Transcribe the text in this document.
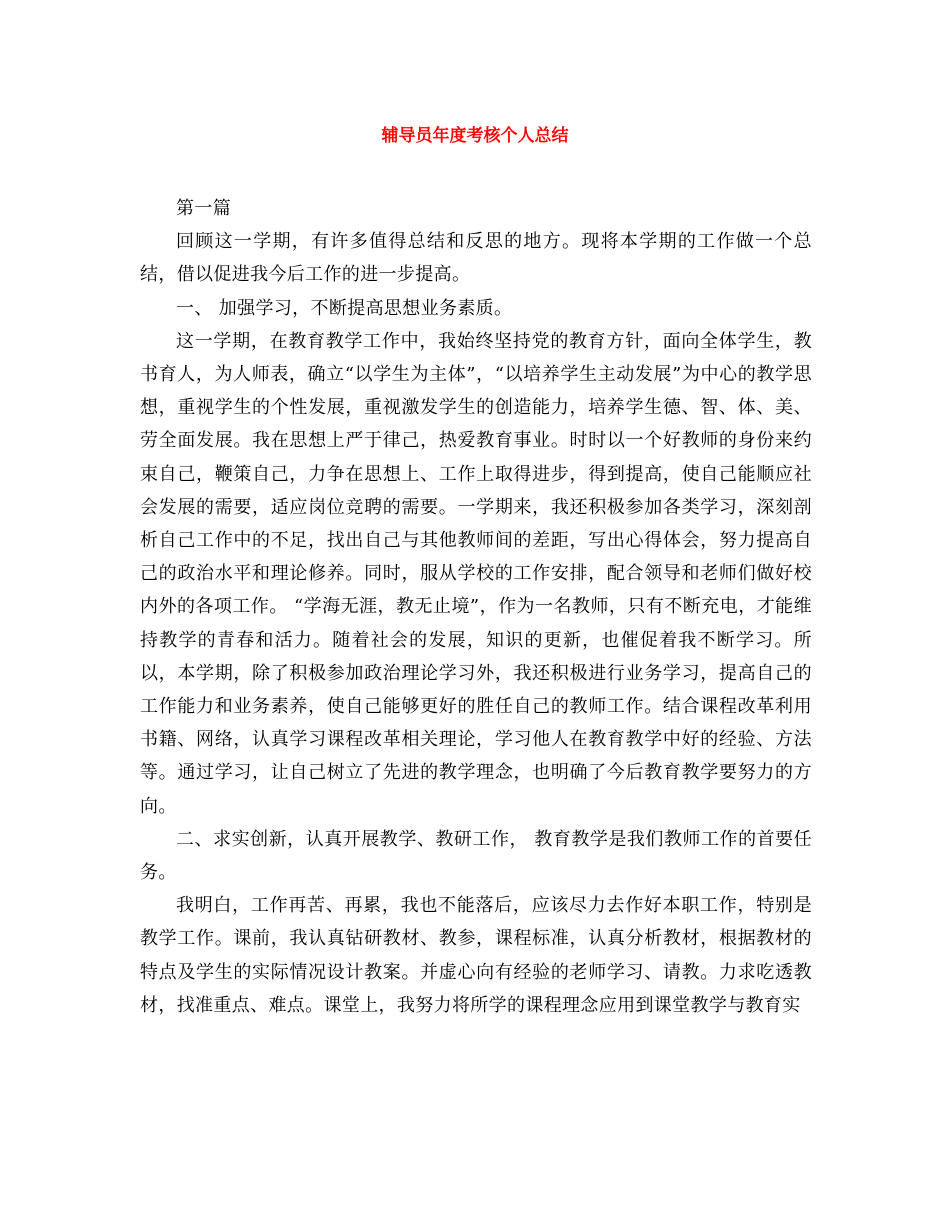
辅导员年度考核个人总结

第一篇

回顾这一学期，有许多值得总结和反思的地方。现将本学期的工作做一个总结，借以促进我今后工作的进一步提高。

一、 加强学习，不断提高思想业务素质。

这一学期，在教育教学工作中，我始终坚持党的教育方针，面向全体学生，教书育人，为人师表，确立“以学生为主体”，“以培养学生主动发展”为中心的教学思想，重视学生的个性发展，重视激发学生的创造能力，培养学生德、智、体、美、劳全面发展。我在思想上严于律己，热爱教育事业。时时以一个好教师的身份来约束自己，鞭策自己，力争在思想上、工作上取得进步，得到提高，使自己能顺应社会发展的需要，适应岗位竞聘的需要。一学期来，我还积极参加各类学习，深刻剖析自己工作中的不足，找出自己与其他教师间的差距，写出心得体会，努力提高自己的政治水平和理论修养。同时，服从学校的工作安排，配合领导和老师们做好校内外的各项工作。 “学海无涯，教无止境”，作为一名教师，只有不断充电，才能维持教学的青春和活力。随着社会的发展，知识的更新，也催促着我不断学习。所以，本学期，除了积极参加政治理论学习外，我还积极进行业务学习，提高自己的工作能力和业务素养，使自己能够更好的胜任自己的教师工作。结合课程改革利用书籍、网络，认真学习课程改革相关理论，学习他人在教育教学中好的经验、方法等。通过学习，让自己树立了先进的教学理念，也明确了今后教育教学要努力的方向。

二、求实创新，认真开展教学、教研工作， 教育教学是我们教师工作的首要任务。

我明白，工作再苦、再累，我也不能落后，应该尽力去作好本职工作，特别是教学工作。课前，我认真钻研教材、教参，课程标准，认真分析教材，根据教材的特点及学生的实际情况设计教案。并虚心向有经验的老师学习、请教。力求吃透教材，找准重点、难点。课堂上，我努力将所学的课程理念应用到课堂教学与教育实
